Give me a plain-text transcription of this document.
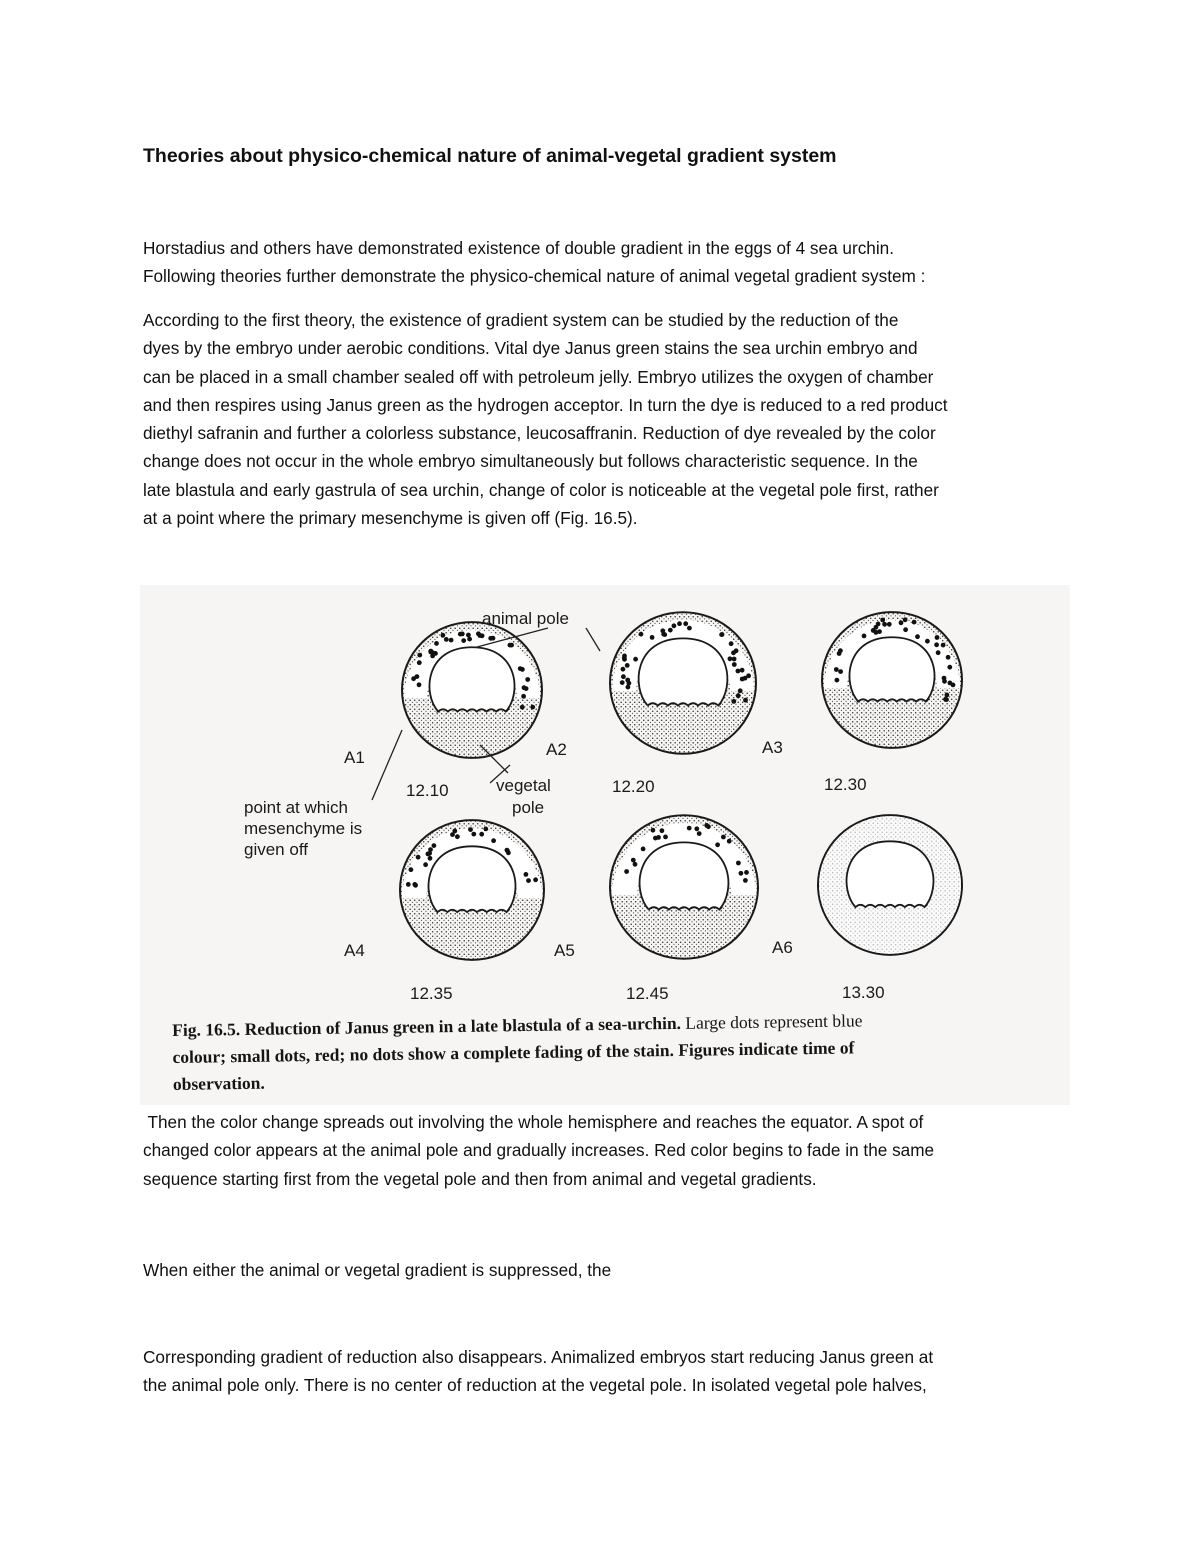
Theories about physico-chemical nature of animal-vegetal gradient system

Horstadius and others have demonstrated existence of double gradient in the eggs of 4 sea urchin.
Following theories further demonstrate the physico-chemical nature of animal vegetal gradient system :

According to the first theory, the existence of gradient system can be studied by the reduction of the
dyes by the embryo under aerobic conditions. Vital dye Janus green stains the sea urchin embryo and
can be placed in a small chamber sealed off with petroleum jelly. Embryo utilizes the oxygen of chamber
and then respires using Janus green as the hydrogen acceptor. In turn the dye is reduced to a red product
diethyl safranin and further a colorless substance, leucosaffranin. Reduction of dye revealed by the color
change does not occur in the whole embryo simultaneously but follows characteristic sequence. In the
late blastula and early gastrula of sea urchin, change of color is noticeable at the vegetal pole first, rather
at a point where the primary mesenchyme is given off (Fig. 16.5).

animal pole
vegetal
pole
point at which
mesenchyme is
given off
A1	A2	A3
A4	A5	A6
12.10	12.20	12.30
12.35	12.45	13.30
Fig. 16.5. Reduction of Janus green in a late blastula of a sea-urchin. Large dots represent blue
colour; small dots, red; no dots show a complete fading of the stain. Figures indicate time of
observation.

Then the color change spreads out involving the whole hemisphere and reaches the equator. A spot of
changed color appears at the animal pole and gradually increases. Red color begins to fade in the same
sequence starting first from the vegetal pole and then from animal and vegetal gradients.

When either the animal or vegetal gradient is suppressed, the

Corresponding gradient of reduction also disappears. Animalized embryos start reducing Janus green at
the animal pole only. There is no center of reduction at the vegetal pole. In isolated vegetal pole halves,
